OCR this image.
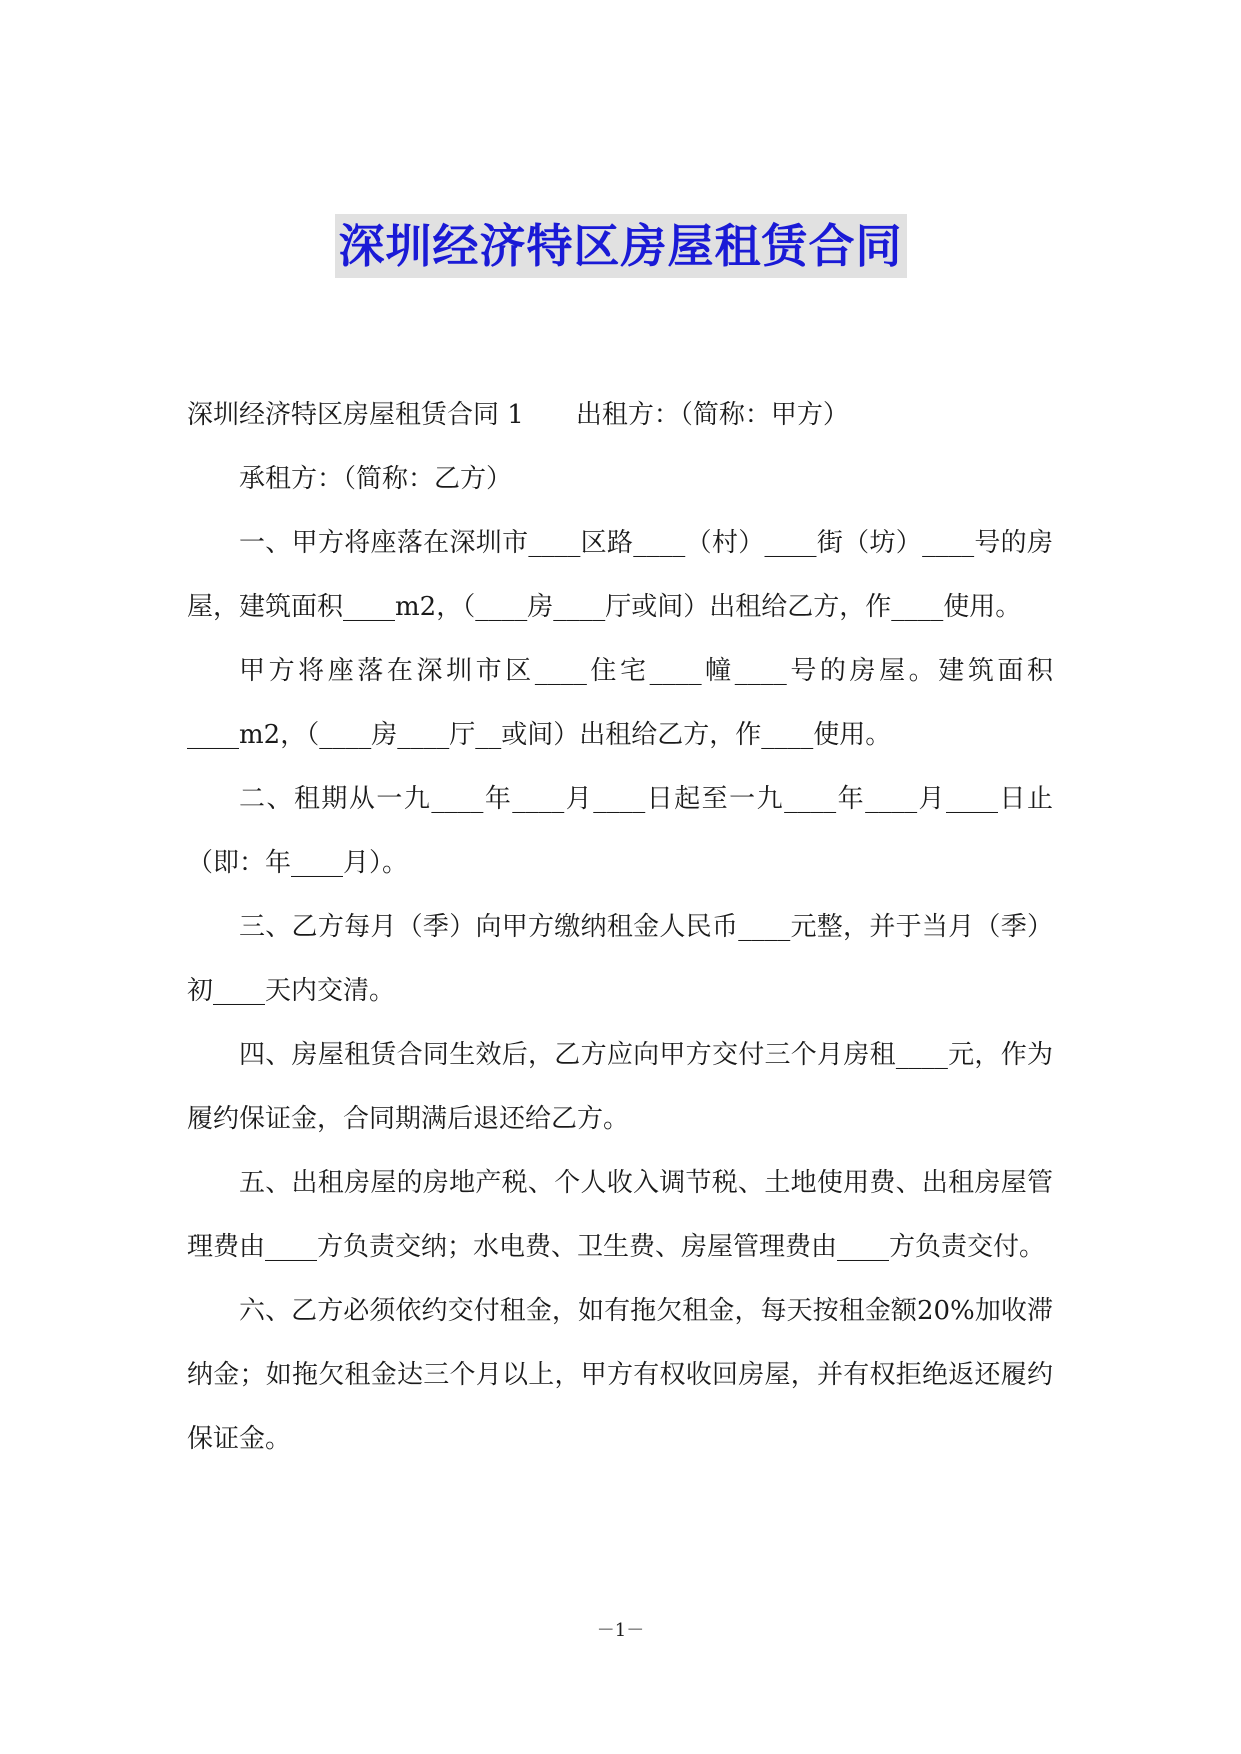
深圳经济特区房屋租赁合同

深圳经济特区房屋租赁合同 1 出租方：（简称：甲方）

承租方：（简称：乙方）

一、甲方将座落在深圳市____区路____（村）____街（坊）____号的房屋，建筑面积____m2，（____房____厅或间）出租给乙方，作____使用。

甲方将座落在深圳市区____住宅____幢____号的房屋。建筑面积____m2，（____房____厅__或间）出租给乙方，作____使用。

二、租期从一九____年____月____日起至一九____年____月____日止（即：年____月）。

三、乙方每月（季）向甲方缴纳租金人民币____元整，并于当月（季）初____天内交清。

四、房屋租赁合同生效后，乙方应向甲方交付三个月房租____元，作为履约保证金，合同期满后退还给乙方。

五、出租房屋的房地产税、个人收入调节税、土地使用费、出租房屋管理费由____方负责交纳；水电费、卫生费、房屋管理费由____方负责交付。

六、乙方必须依约交付租金，如有拖欠租金，每天按租金额20%加收滞纳金；如拖欠租金达三个月以上，甲方有权收回房屋，并有权拒绝返还履约保证金。

－1－
